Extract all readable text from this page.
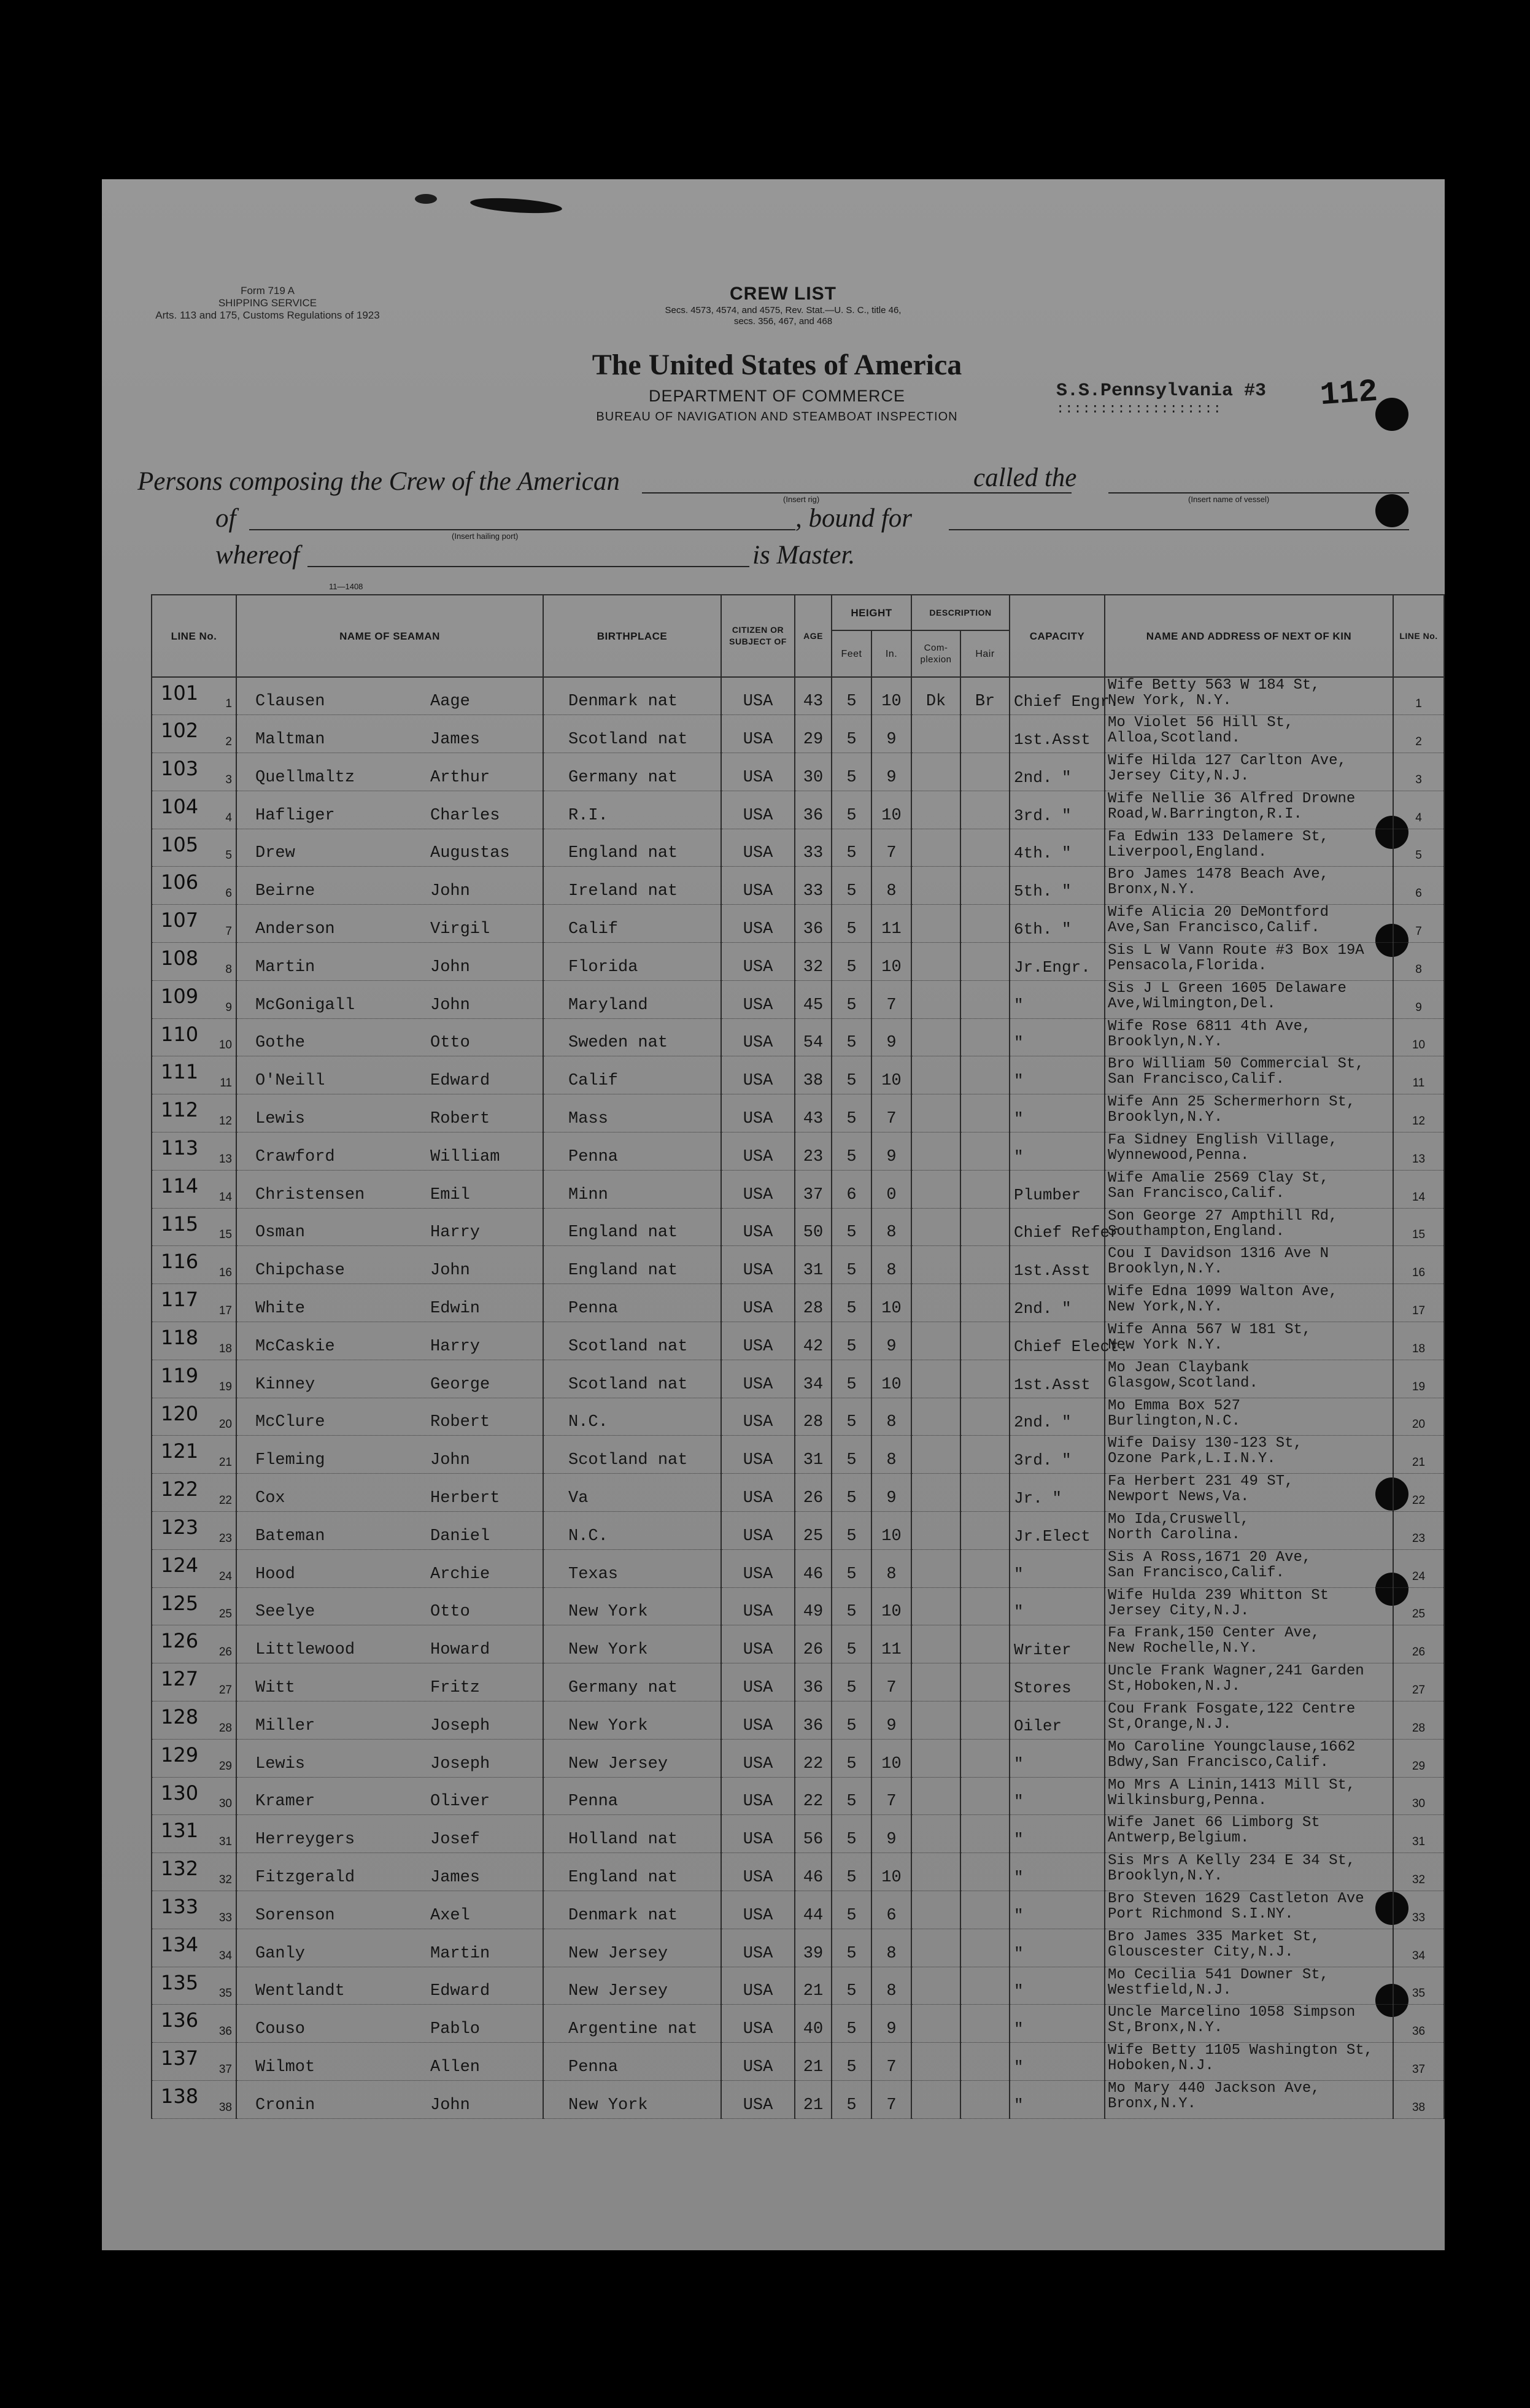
Form 719 A
SHIPPING SERVICE
Arts. 113 and 175, Customs Regulations of 1923
CREW LIST
Secs. 4573, 4574, and 4575, Rev. Stat.—U. S. C., title 46,
secs. 356, 467, and 468
The United States of America
DEPARTMENT OF COMMERCE
BUREAU OF NAVIGATION AND STEAMBOAT INSPECTION
S.S.Pennsylvania #3
:::::::::::::::::::	112
Persons composing the Crew of the American
(Insert rig)
called the
(Insert name of vessel)
of
(Insert hailing port)
, bound for
whereof	is Master.
11—1408
LINE No.	NAME OF SEAMAN	BIRTHPLACE	CITIZEN OR SUBJECT OF	AGE	HEIGHT		DESCRIPTION		CAPACITY	NAME AND ADDRESS OF NEXT OF KIN	LINE No.
					Feet	In.	Com-plexion	Hair			

101 1	Clausen Aage	Denmark nat	USA	43	5	10	Dk	Br	Chief Engr.	Wife Betty 563 W 184 St,
New York, N.Y.	1

102 2	Maltman James	Scotland nat	USA	29	5	9			1st.Asst	Mo Violet 56 Hill St,
Alloa,Scotland.	2

103 3	Quellmaltz Arthur	Germany nat	USA	30	5	9			2nd. "	Wife Hilda 127 Carlton Ave,
Jersey City,N.J.	3

104 4	Hafliger Charles	R.I.	USA	36	5	10			3rd. "	Wife Nellie 36 Alfred Drowne
Road,W.Barrington,R.I.	4

105 5	Drew Augustas	England nat	USA	33	5	7			4th. "	Fa Edwin 133 Delamere St,
Liverpool,England.	5

106 6	Beirne John	Ireland nat	USA	33	5	8			5th. "	Bro James 1478 Beach Ave,
Bronx,N.Y.	6

107 7	Anderson Virgil	Calif	USA	36	5	11			6th. "	Wife Alicia 20 DeMontford
Ave,San Francisco,Calif.	7

108 8	Martin John	Florida	USA	32	5	10			Jr.Engr.	Sis L W Vann Route #3 Box 19A
Pensacola,Florida.	8

109 9	McGonigall John	Maryland	USA	45	5	7			"	Sis J L Green 1605 Delaware
Ave,Wilmington,Del.	9

110 10	Gothe Otto	Sweden nat	USA	54	5	9			"	Wife Rose 6811 4th Ave,
Brooklyn,N.Y.	10

111 11	O'Neill Edward	Calif	USA	38	5	10			"	Bro William 50 Commercial St,
San Francisco,Calif.	11

112 12	Lewis Robert	Mass	USA	43	5	7			"	Wife Ann 25 Schermerhorn St,
Brooklyn,N.Y.	12

113 13	Crawford William	Penna	USA	23	5	9			"	Fa Sidney English Village,
Wynnewood,Penna.	13

114 14	Christensen Emil	Minn	USA	37	6	0			Plumber	Wife Amalie 2569 Clay St,
San Francisco,Calif.	14

115 15	Osman Harry	England nat	USA	50	5	8			Chief Refer	Son George 27 Ampthill Rd,
Southampton,England.	15

116 16	Chipchase John	England nat	USA	31	5	8			1st.Asst	Cou I Davidson 1316 Ave N
Brooklyn,N.Y.	16

117 17	White Edwin	Penna	USA	28	5	10			2nd. "	Wife Edna 1099 Walton Ave,
New York,N.Y.	17

118 18	McCaskie Harry	Scotland nat	USA	42	5	9			Chief Elect.	Wife Anna 567 W 181 St,
New York N.Y.	18

119 19	Kinney George	Scotland nat	USA	34	5	10			1st.Asst	Mo Jean Claybank
Glasgow,Scotland.	19

120 20	McClure Robert	N.C.	USA	28	5	8			2nd. "	Mo Emma Box 527
Burlington,N.C.	20

121 21	Fleming John	Scotland nat	USA	31	5	8			3rd. "	Wife Daisy 130-123 St,
Ozone Park,L.I.N.Y.	21

122 22	Cox Herbert	Va	USA	26	5	9			Jr. "	Fa Herbert 231 49 ST,
Newport News,Va.	22

123 23	Bateman Daniel	N.C.	USA	25	5	10			Jr.Elect	Mo Ida,Cruswell,
North Carolina.	23

124 24	Hood Archie	Texas	USA	46	5	8			"	Sis A Ross,1671 20 Ave,
San Francisco,Calif.	24

125 25	Seelye Otto	New York	USA	49	5	10			"	Wife Hulda 239 Whitton St
Jersey City,N.J.	25

126 26	Littlewood Howard	New York	USA	26	5	11			Writer	Fa Frank,150 Center Ave,
New Rochelle,N.Y.	26

127 27	Witt Fritz	Germany nat	USA	36	5	7			Stores	Uncle Frank Wagner,241 Garden
St,Hoboken,N.J.	27

128 28	Miller Joseph	New York	USA	36	5	9			Oiler	Cou Frank Fosgate,122 Centre
St,Orange,N.J.	28

129 29	Lewis Joseph	New Jersey	USA	22	5	10			"	Mo Caroline Youngclause,1662
Bdwy,San Francisco,Calif.	29

130 30	Kramer Oliver	Penna	USA	22	5	7			"	Mo Mrs A Linin,1413 Mill St,
Wilkinsburg,Penna.	30

131 31	Herreygers Josef	Holland nat	USA	56	5	9			"	Wife Janet 66 Limborg St
Antwerp,Belgium.	31

132 32	Fitzgerald James	England nat	USA	46	5	10			"	Sis Mrs A Kelly 234 E 34 St,
Brooklyn,N.Y.	32

133 33	Sorenson Axel	Denmark nat	USA	44	5	6			"	Bro Steven 1629 Castleton Ave
Port Richmond S.I.NY.	33

134 34	Ganly Martin	New Jersey	USA	39	5	8			"	Bro James 335 Market St,
Glouscester City,N.J.	34

135 35	Wentlandt Edward	New Jersey	USA	21	5	8			"	Mo Cecilia 541 Downer St,
Westfield,N.J.	35

136 36	Couso Pablo	Argentine nat	USA	40	5	9			"	Uncle Marcelino 1058 Simpson
St,Bronx,N.Y.	36

137 37	Wilmot Allen	Penna	USA	21	5	7			"	Wife Betty 1105 Washington St,
Hoboken,N.J.	37

138 38	Cronin John	New York	USA	21	5	7			"	Mo Mary 440 Jackson Ave,
Bronx,N.Y.	38
